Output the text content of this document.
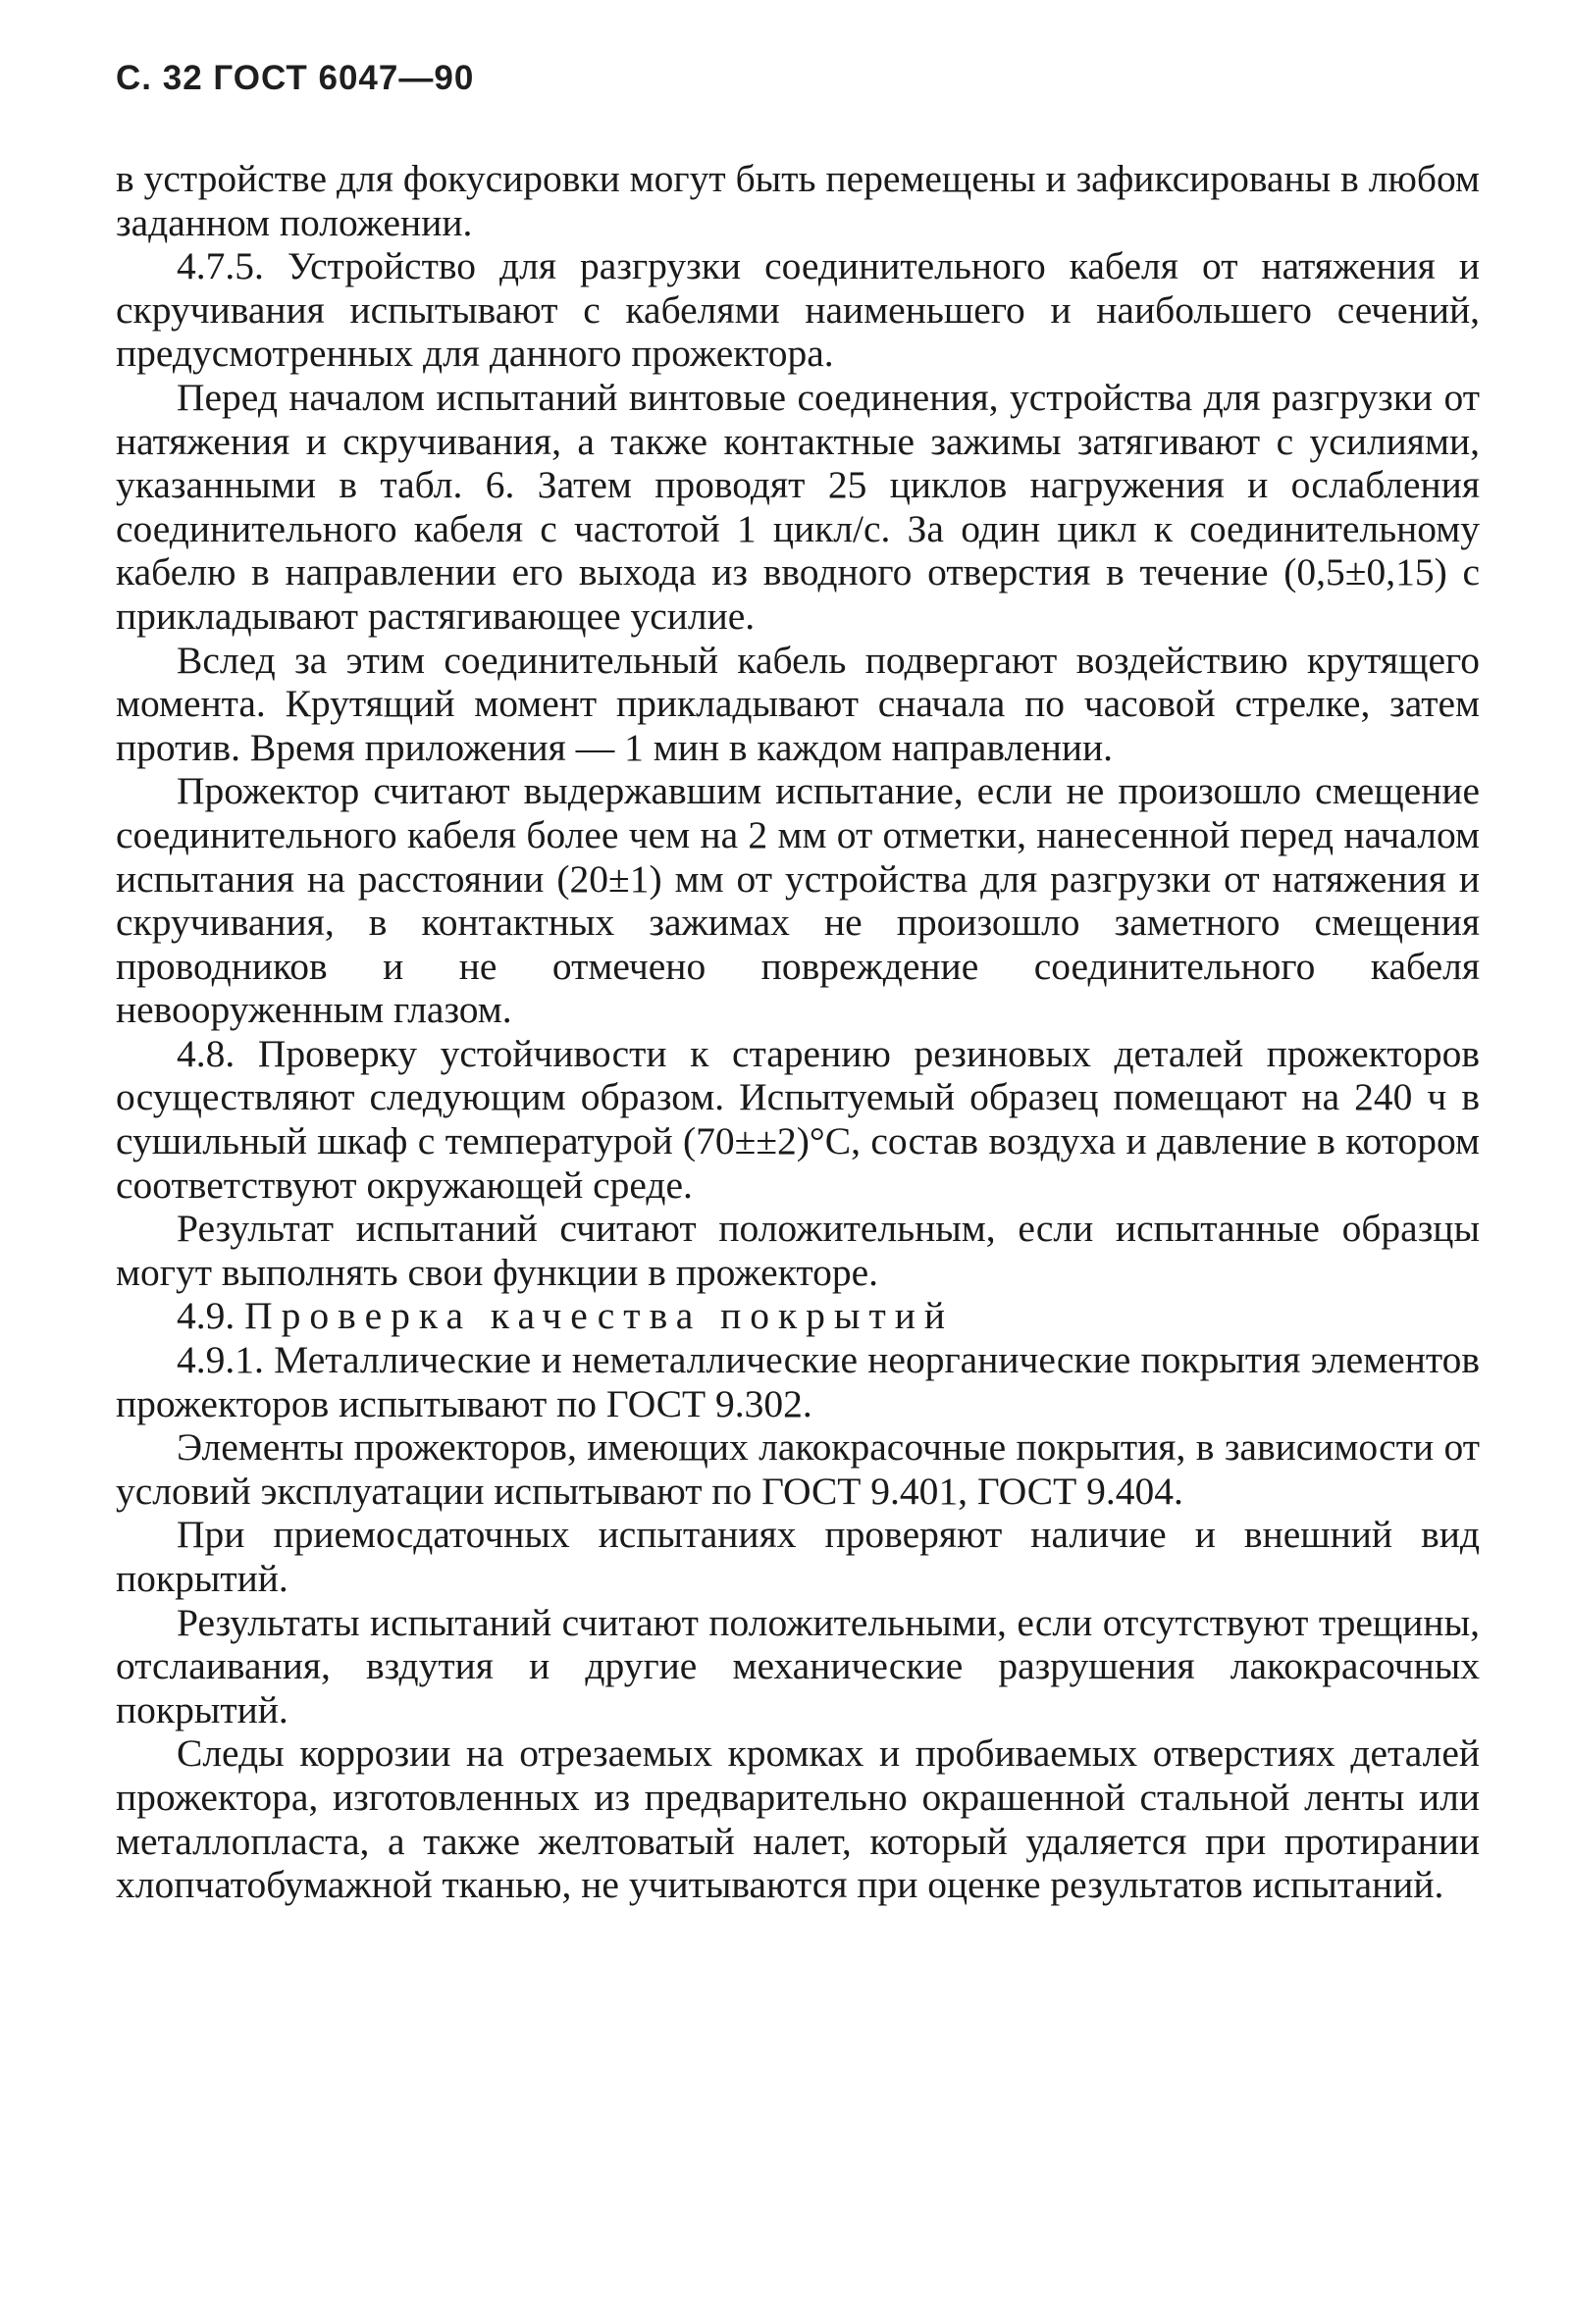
С. 32 ГОСТ 6047—90

в устройстве для фокусировки могут быть перемещены и зафиксированы в любом заданном положении.

4.7.5. Устройство для разгрузки соединительного кабеля от натяжения и скручивания испытывают с кабелями наименьшего и наибольшего сечений, предусмотренных для данного прожектора.

Перед началом испытаний винтовые соединения, устройства для разгрузки от натяжения и скручивания, а также контактные зажимы затягивают с усилиями, указанными в табл. 6. Затем проводят 25 циклов нагружения и ослабления соединительного кабеля с частотой 1 цикл/с. За один цикл к соединительному кабелю в направлении его выхода из вводного отверстия в течение (0,5±0,15) с прикладывают растягивающее усилие.

Вслед за этим соединительный кабель подвергают воздействию крутящего момента. Крутящий момент прикладывают сначала по часовой стрелке, затем против. Время приложения — 1 мин в каждом направлении.

Прожектор считают выдержавшим испытание, если не произошло смещение соединительного кабеля более чем на 2 мм от отметки, нанесенной перед началом испытания на расстоянии (20±1) мм от устройства для разгрузки от натяжения и скручивания, в контактных зажимах не произошло заметного смещения проводников и не отмечено повреждение соединительного кабеля невооруженным глазом.

4.8. Проверку устойчивости к старению резиновых деталей прожекторов осуществляют следующим образом. Испытуемый образец помещают на 240 ч в сушильный шкаф с температурой (70±±2)°С, состав воздуха и давление в котором соответствуют окружающей среде.

Результат испытаний считают положительным, если испытанные образцы могут выполнять свои функции в прожекторе.

4.9. Проверка качества покрытий

4.9.1. Металлические и неметаллические неорганические покрытия элементов прожекторов испытывают по ГОСТ 9.302.

Элементы прожекторов, имеющих лакокрасочные покрытия, в зависимости от условий эксплуатации испытывают по ГОСТ 9.401, ГОСТ 9.404.

При приемосдаточных испытаниях проверяют наличие и внешний вид покрытий.

Результаты испытаний считают положительными, если отсутствуют трещины, отслаивания, вздутия и другие механические разрушения лакокрасочных покрытий.

Следы коррозии на отрезаемых кромках и пробиваемых отверстиях деталей прожектора, изготовленных из предварительно окрашенной стальной ленты или металлопласта, а также желтоватый налет, который удаляется при протирании хлопчатобумажной тканью, не учитываются при оценке результатов испытаний.
